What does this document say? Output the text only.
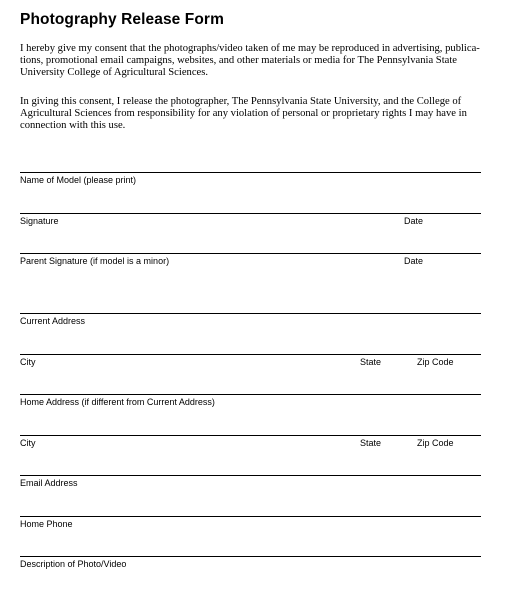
Photography Release Form
I hereby give my consent that the photographs/video taken of me may be reproduced in advertising, publica-tions, promotional email campaigns, websites, and other materials or media for The Pennsylvania State University College of Agricultural Sciences.
In giving this consent, I release the photographer, The Pennsylvania State University, and the College of Agricultural Sciences from responsibility for any violation of personal or proprietary rights I may have in connection with this use.
Name of Model (please print)
Signature	Date
Parent Signature (if model is a minor)	Date
Current Address
City	State	Zip Code
Home Address (if different from Current Address)
City	State	Zip Code
Email Address
Home Phone
Description of Photo/Video
